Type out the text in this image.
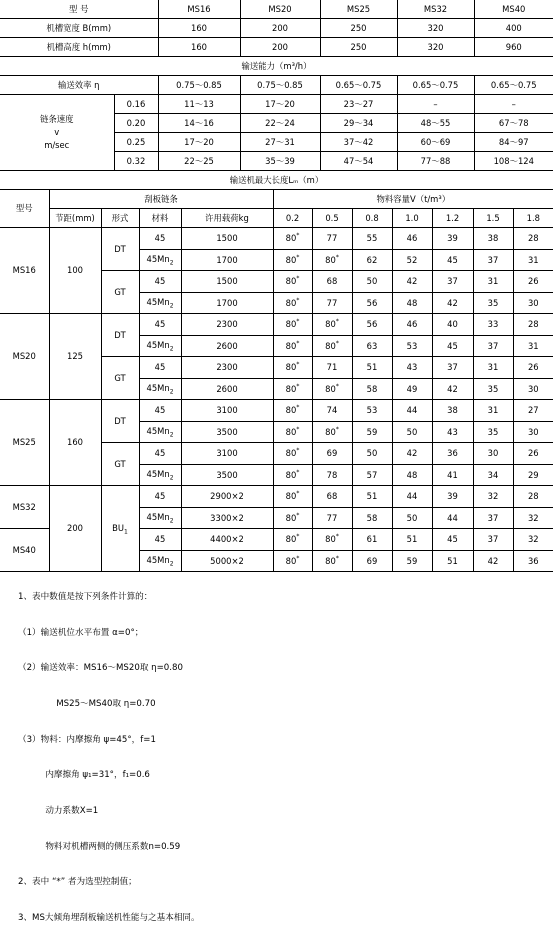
型 号		MS16	MS20	MS25	MS32	MS40
机槽宽度 B(mm)		160	200	250	320	400
机槽高度 h(mm)		160	200	250	320	960
输送能力（m³/h）						
输送效率 η		0.75～0.85	0.75～0.85	0.65～0.75	0.65～0.75	0.65～0.75

链条速度
v
m/sec	0.16	11～13	17～20	23～27	–	–
	0.20	14～16	22～24	29～34	48～55	67～78
	0.25	17～20	27～31	37～42	60～69	84～97
	0.32	22～25	35～39	47～54	77～88	108～124
输送机最大长度Lₘ（m）						
型号	刮板链条				物料容量V（t/m³）						
	节距(mm)	形式	材料	许用载荷kg	0.2	0.5	0.8	1.0	1.2	1.5	1.8
MS16	100	DT	45	1500	80*	77	55	46	39	38	28
			$45Mn_2$	1700	80*	80*	62	52	45	37	31
		GT	45	1500	80*	68	50	42	37	31	26
			$45Mn_2$	1700	80*	77	56	48	42	35	30
MS20	125	DT	45	2300	80*	80*	56	46	40	33	28
			$45Mn_2$	2600	80*	80*	63	53	45	37	31
		GT	45	2300	80*	71	51	43	37	31	26
			$45Mn_2$	2600	80*	80*	58	49	42	35	30
MS25	160	DT	45	3100	80*	74	53	44	38	31	27
			$45Mn_2$	3500	80*	80*	59	50	43	35	30
		GT	45	3100	80*	69	50	42	36	30	26
			$45Mn_2$	3500	80*	78	57	48	41	34	29
MS32	200	$BU_1$	45	2900×2	80*	68	51	44	39	32	28
			$45Mn_2$	3300×2	80*	77	58	50	44	37	32
MS40			45	4400×2	80*	80*	61	51	45	37	32
			$45Mn_2$	5000×2	80*	80*	69	59	51	42	36

1、表中数值是按下列条件计算的：

（1）输送机位水平布置 α=0°；

（2）输送效率：MS16～MS20取 η=0.80

MS25～MS40取 η=0.70

（3）物料：内摩擦角 ψ=45°，f=1

内摩擦角 ψ₁=31°，f₁=0.6

动力系数X=1

物料对机槽两侧的侧压系数n=0.59

2、表中 “*” 者为选型控制值；

3、MS大倾角埋刮板输送机性能与之基本相同。
